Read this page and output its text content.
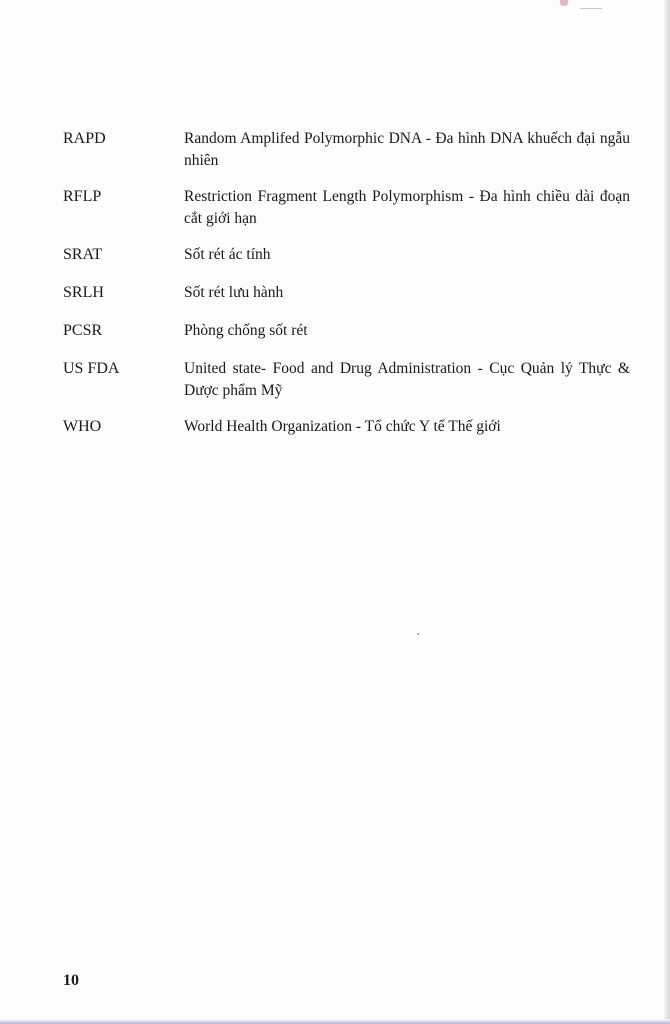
RAPD	Random Amplifed Polymorphic DNA - Đa hình DNA khuếch đại ngẫu nhiên
RFLP	Restriction Fragment Length Polymorphism - Đa hình chiều dài đoạn cắt giới hạn
SRAT	Sốt rét ác tính
SRLH	Sốt rét lưu hành
PCSR	Phòng chống sốt rét
US FDA	United state- Food and Drug Administration - Cục Quản lý Thực & Dược phẩm Mỹ
WHO	World Health Organization - Tổ chức Y tế Thế giới
10
